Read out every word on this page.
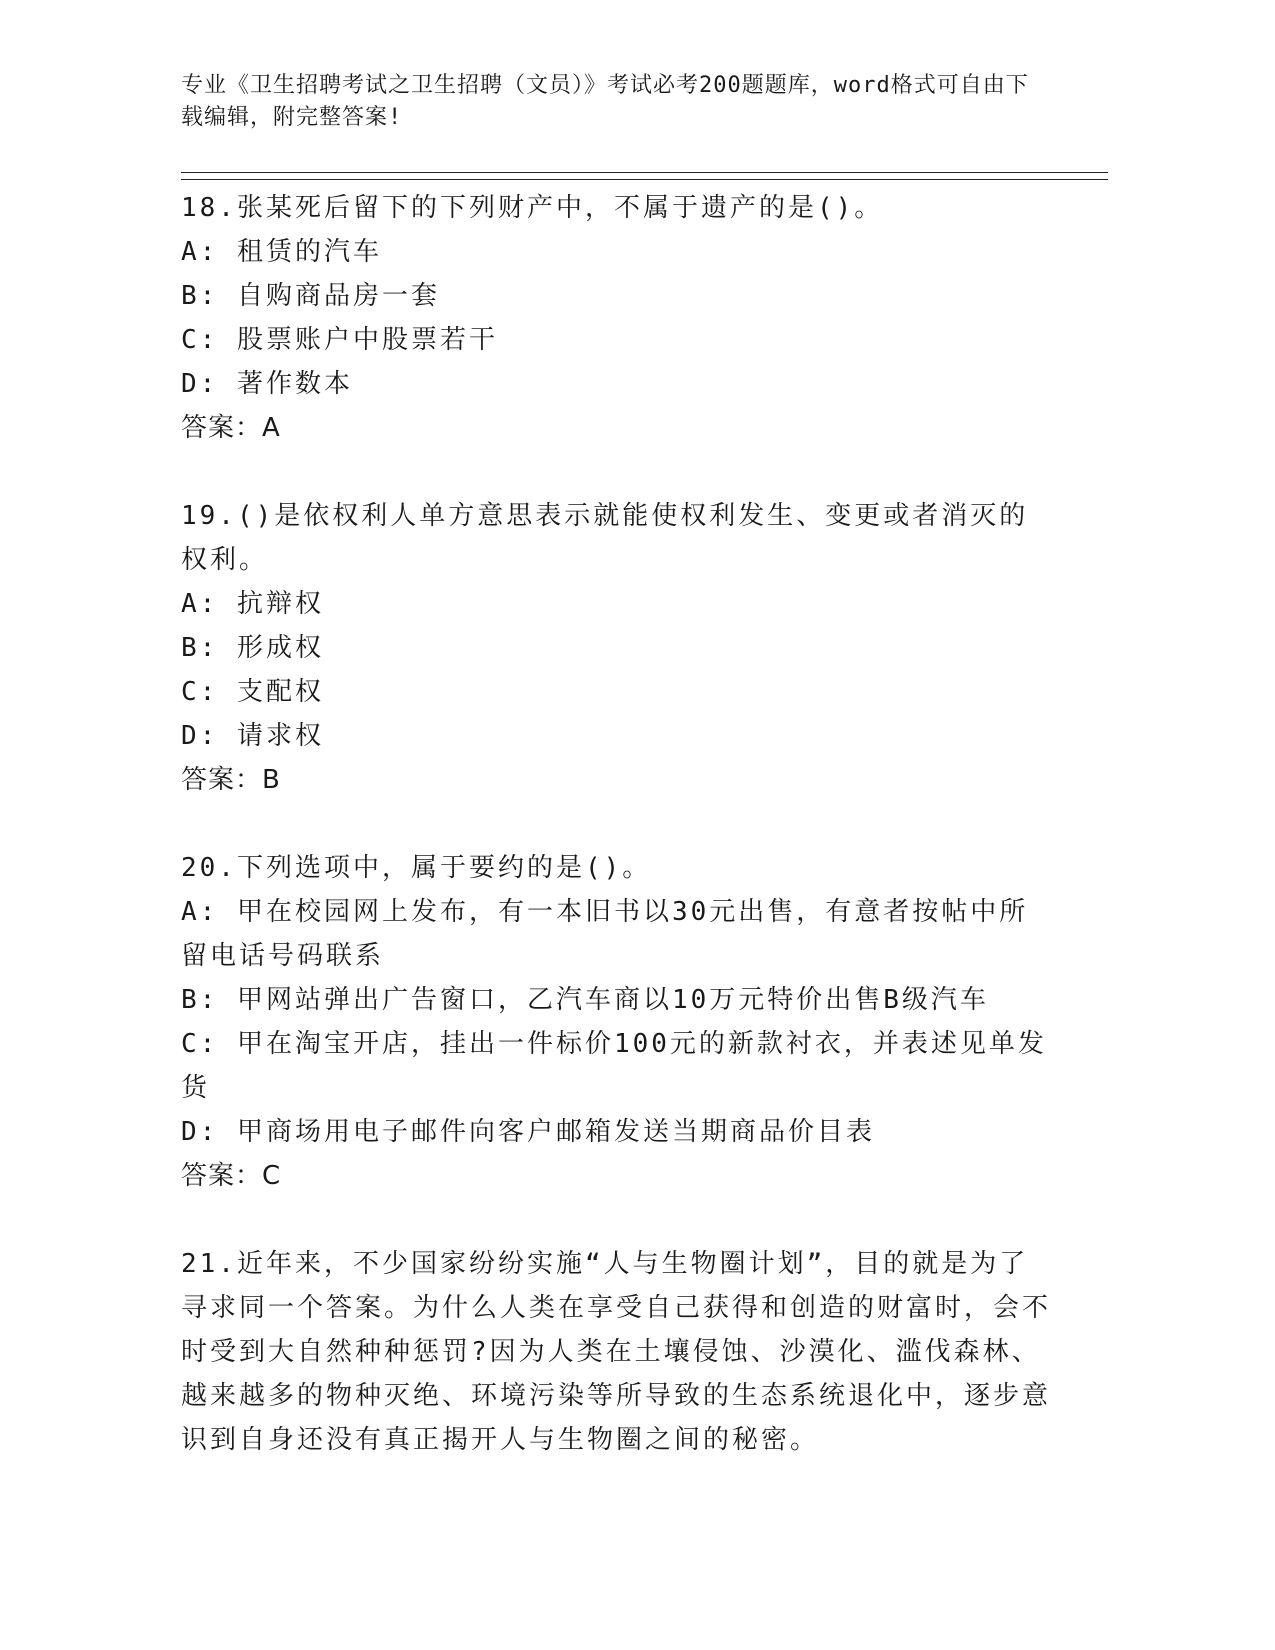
专业《卫生招聘考试之卫生招聘（文员）》考试必考200题题库，word格式可自由下载编辑，附完整答案!

18.张某死后留下的下列财产中，不属于遗产的是()。

A: 租赁的汽车

B: 自购商品房一套

C: 股票账户中股票若干

D: 著作数本

答案：A

19.()是依权利人单方意思表示就能使权利发生、变更或者消灭的权利。

A: 抗辩权

B: 形成权

C: 支配权

D: 请求权

答案：B

20.下列选项中，属于要约的是()。

A: 甲在校园网上发布，有一本旧书以30元出售，有意者按帖中所留电话号码联系

B: 甲网站弹出广告窗口，乙汽车商以10万元特价出售B级汽车

C: 甲在淘宝开店，挂出一件标价100元的新款衬衣，并表述见单发货

D: 甲商场用电子邮件向客户邮箱发送当期商品价目表

答案：C

21.近年来，不少国家纷纷实施“人与生物圈计划”，目的就是为了寻求同一个答案。为什么人类在享受自己获得和创造的财富时，会不时受到大自然种种惩罚?因为人类在土壤侵蚀、沙漠化、滥伐森林、越来越多的物种灭绝、环境污染等所导致的生态系统退化中，逐步意识到自身还没有真正揭开人与生物圈之间的秘密。
